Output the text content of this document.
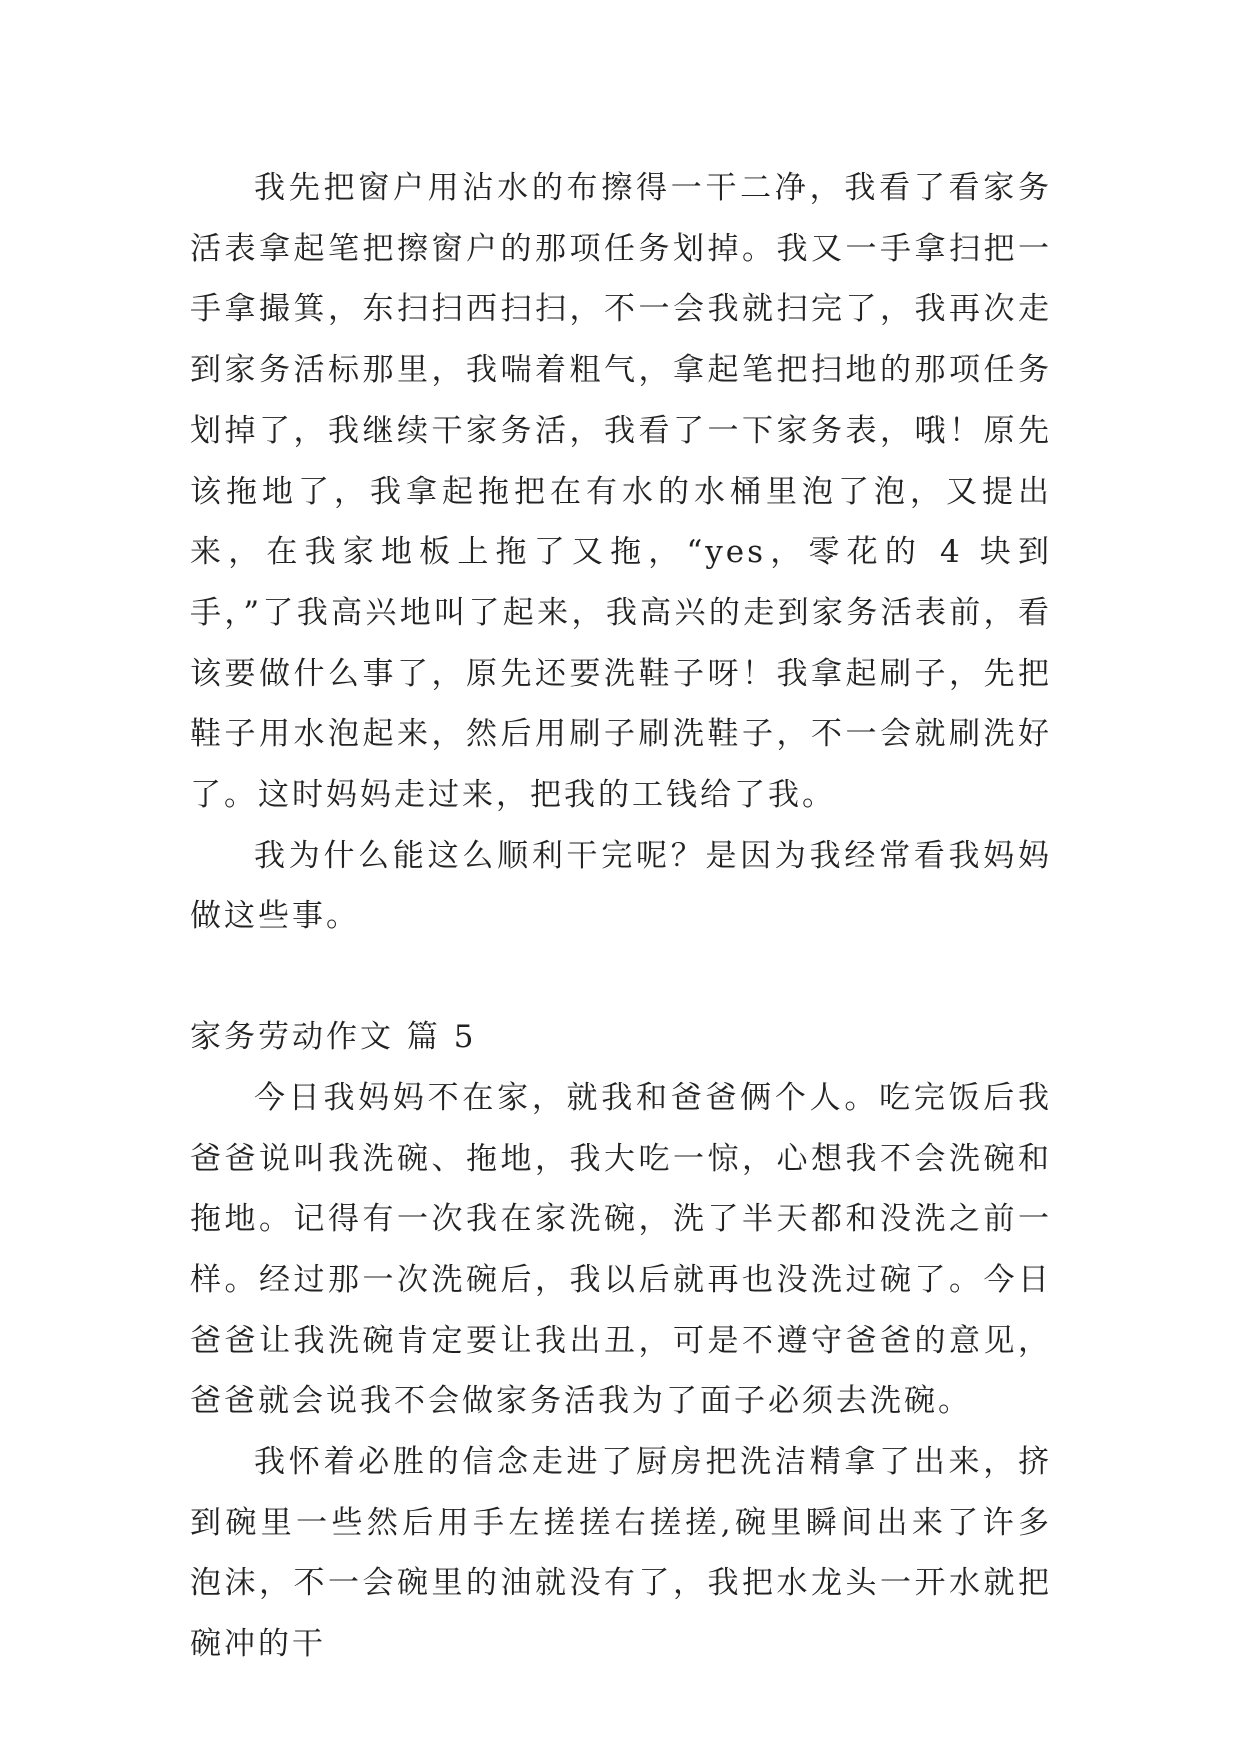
我先把窗户用沾水的布擦得一干二净，我看了看家务活表拿起笔把擦窗户的那项任务划掉。我又一手拿扫把一手拿撮箕，东扫扫西扫扫，不一会我就扫完了，我再次走到家务活标那里，我喘着粗气，拿起笔把扫地的那项任务划掉了，我继续干家务活，我看了一下家务表，哦！原先该拖地了，我拿起拖把在有水的水桶里泡了泡，又提出来，在我家地板上拖了又拖，“yes，零花的 4 块到手，”了我高兴地叫了起来，我高兴的走到家务活表前，看该要做什么事了，原先还要洗鞋子呀！我拿起刷子，先把鞋子用水泡起来，然后用刷子刷洗鞋子，不一会就刷洗好了。这时妈妈走过来，把我的工钱给了我。

我为什么能这么顺利干完呢？是因为我经常看我妈妈做这些事。

家务劳动作文 篇 5

今日我妈妈不在家，就我和爸爸俩个人。吃完饭后我爸爸说叫我洗碗、拖地，我大吃一惊，心想我不会洗碗和拖地。记得有一次我在家洗碗，洗了半天都和没洗之前一样。经过那一次洗碗后，我以后就再也没洗过碗了。今日爸爸让我洗碗肯定要让我出丑，可是不遵守爸爸的意见，爸爸就会说我不会做家务活我为了面子必须去洗碗。

我怀着必胜的信念走进了厨房把洗洁精拿了出来，挤到碗里一些然后用手左搓搓右搓搓,碗里瞬间出来了许多泡沫，不一会碗里的油就没有了，我把水龙头一开水就把碗冲的干
